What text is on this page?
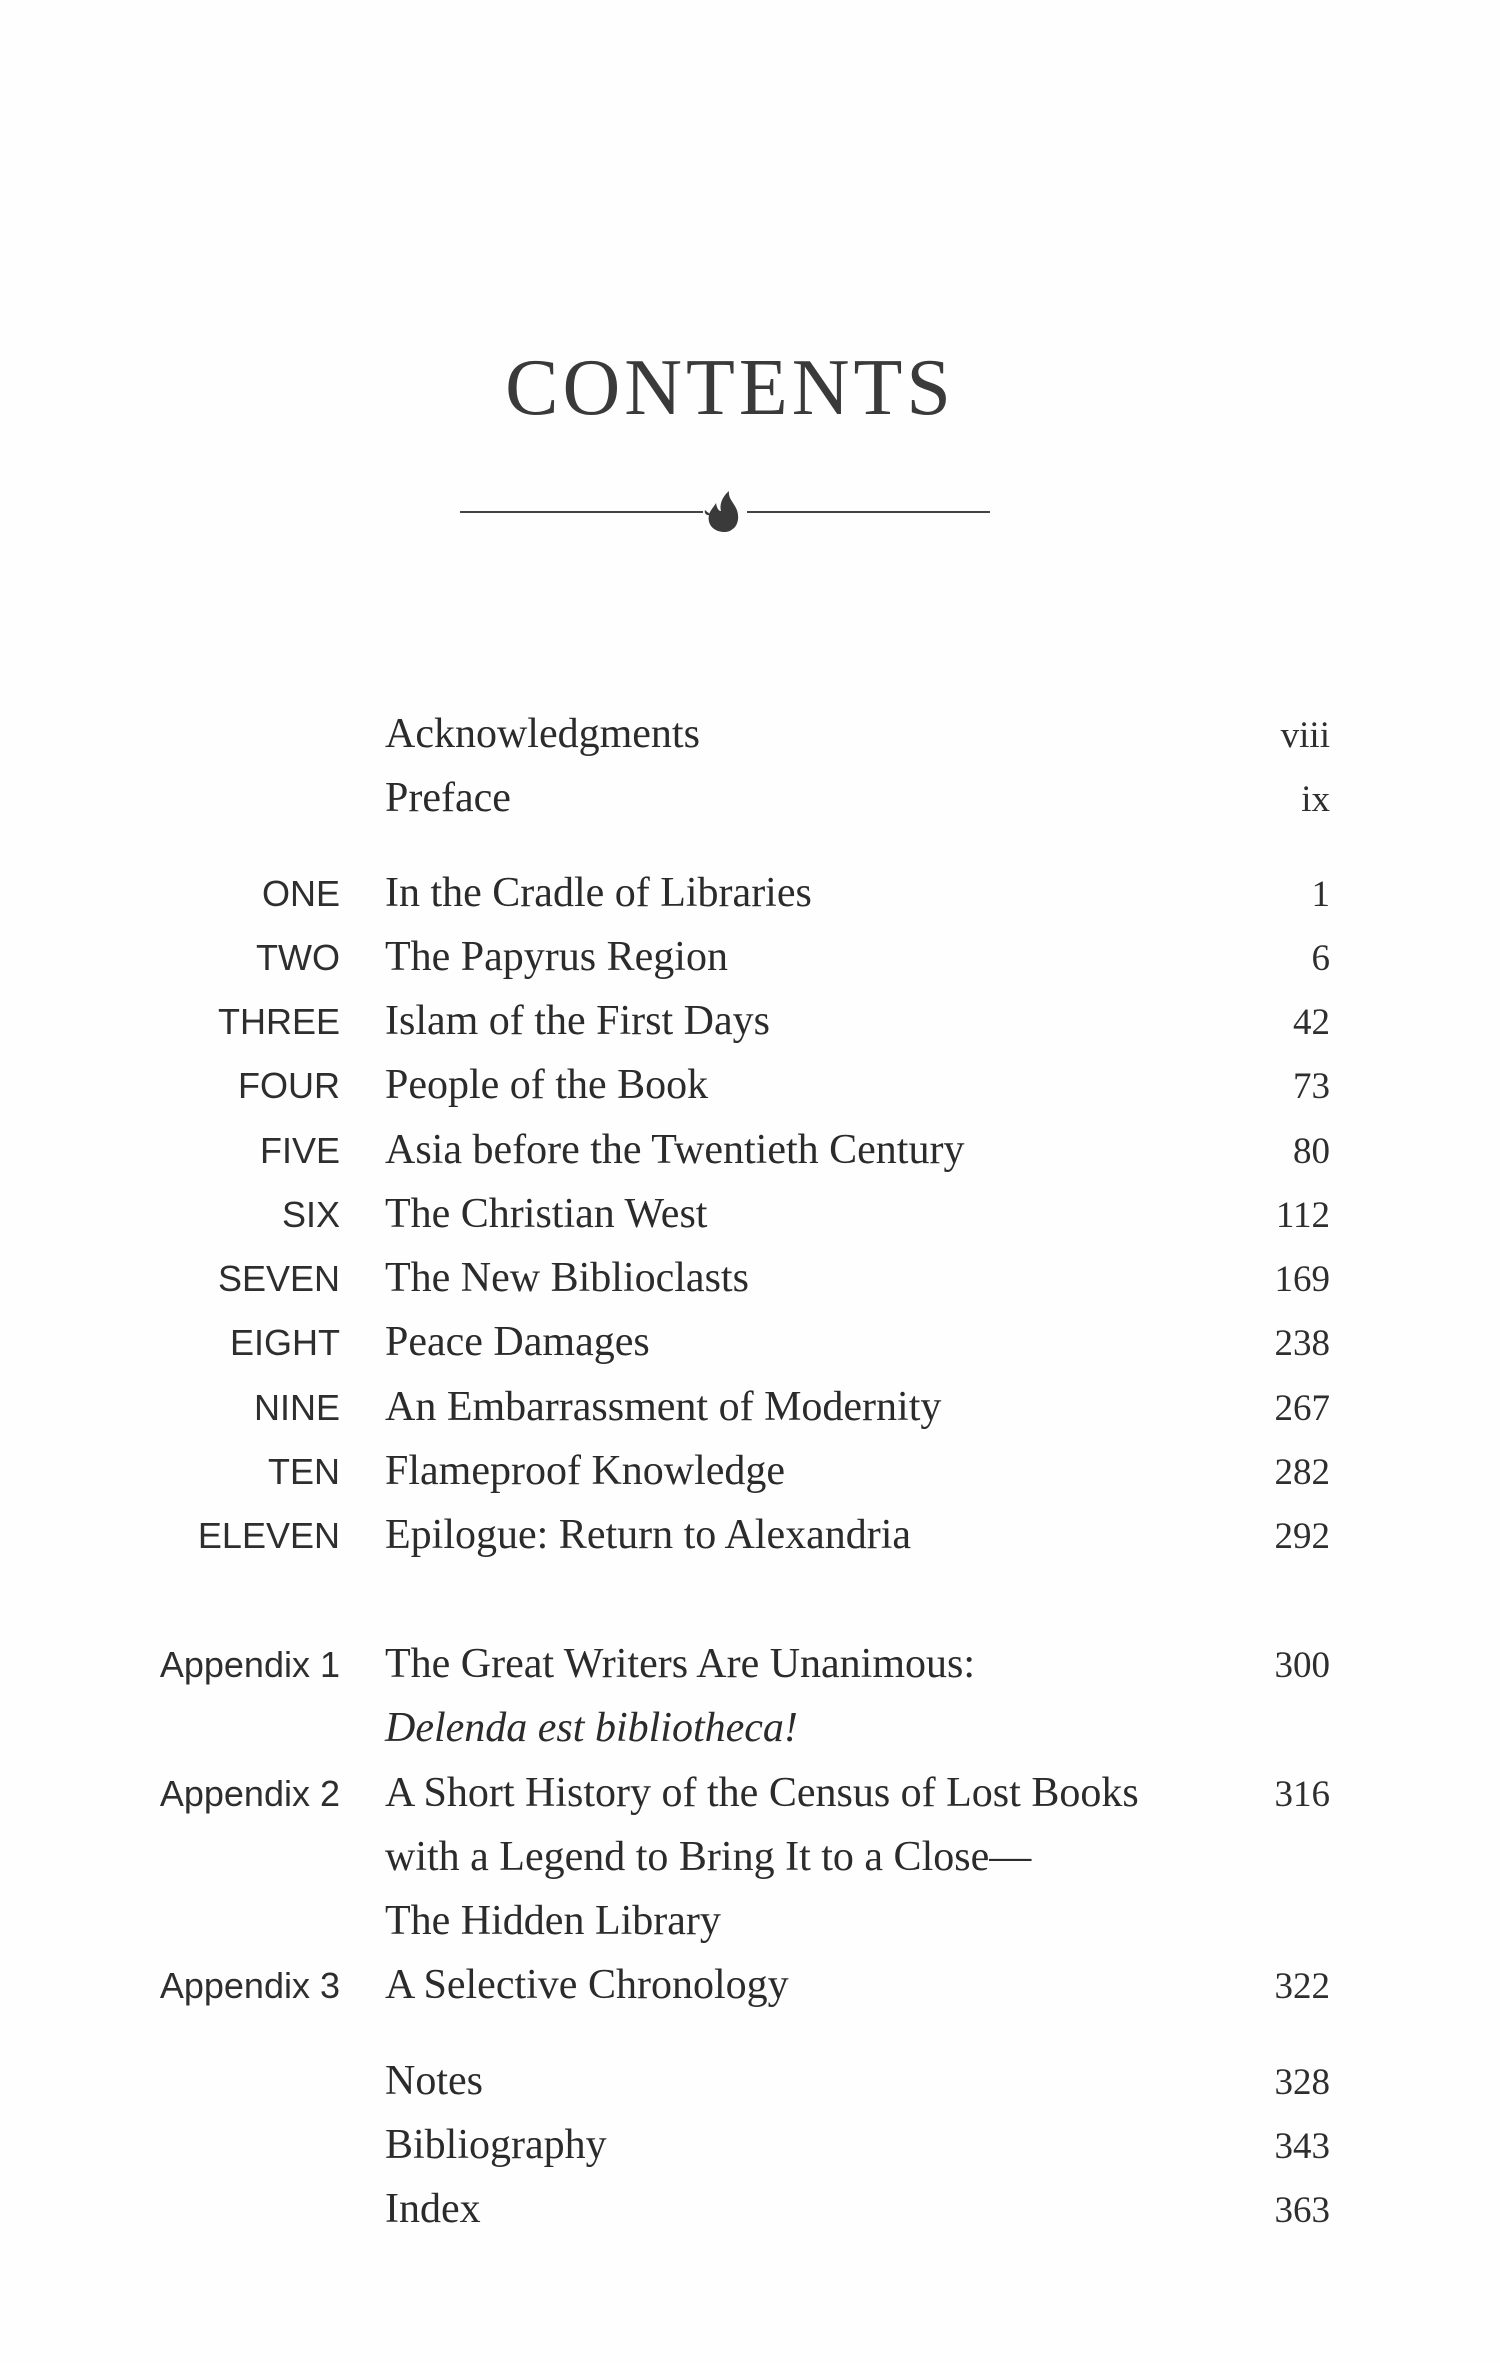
CONTENTS
Acknowledgments	viii
Preface	ix
ONE In the Cradle of Libraries	1
TWO The Papyrus Region	6
THREE Islam of the First Days	42
FOUR People of the Book	73
FIVE Asia before the Twentieth Century	80
SIX The Christian West	112
SEVEN The New Biblioclasts	169
EIGHT Peace Damages	238
NINE An Embarrassment of Modernity	267
TEN Flameproof Knowledge	282
ELEVEN Epilogue: Return to Alexandria	292
Appendix 1 The Great Writers Are Unanimous:	300
Delenda est bibliotheca!
Appendix 2 A Short History of the Census of Lost Books	316
with a Legend to Bring It to a Close—
The Hidden Library
Appendix 3 A Selective Chronology	322
Notes	328
Bibliography	343
Index	363
